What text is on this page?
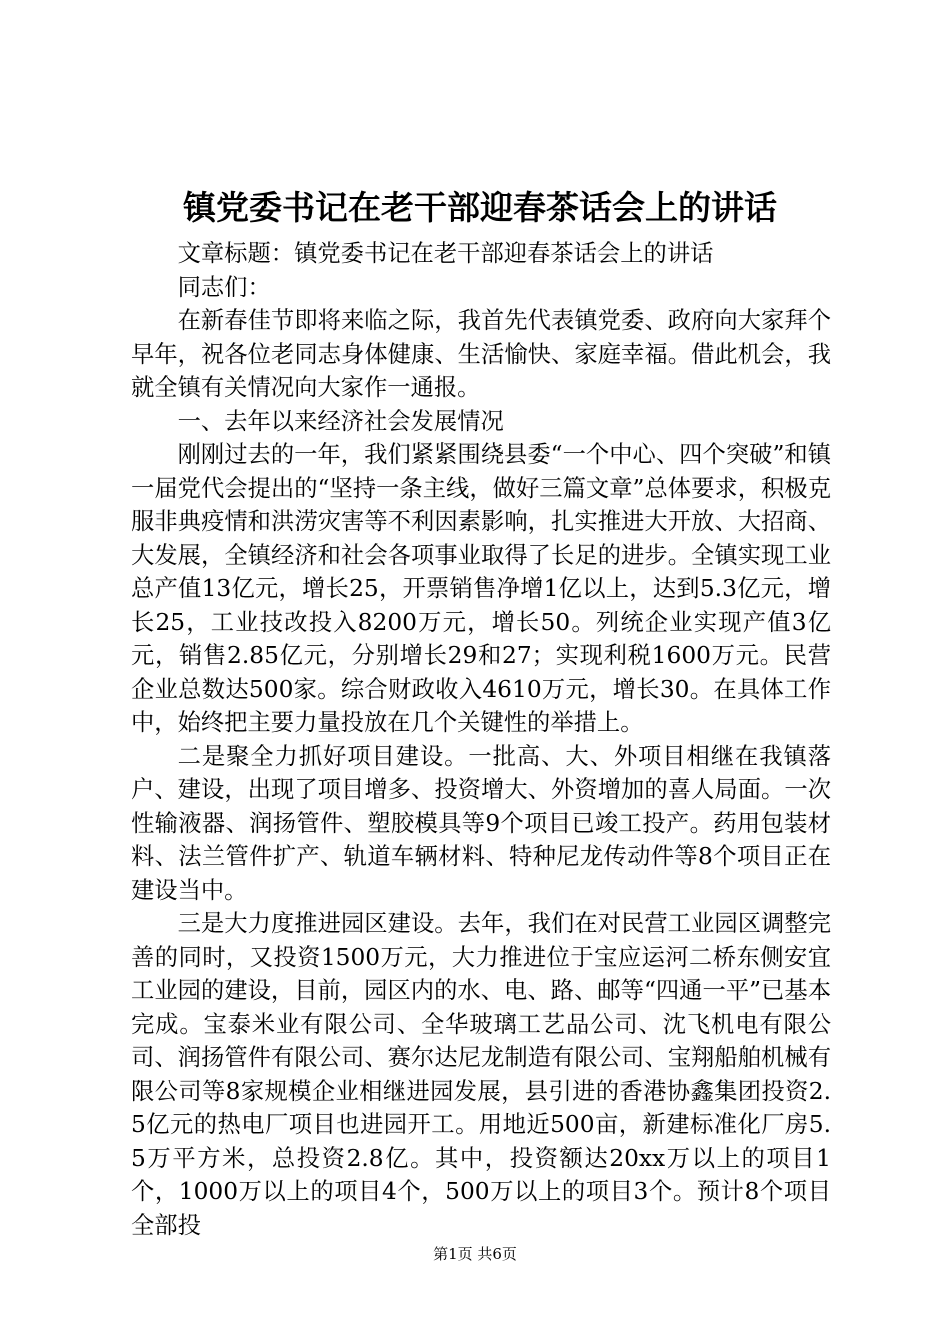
镇党委书记在老干部迎春茶话会上的讲话

文章标题：镇党委书记在老干部迎春茶话会上的讲话

同志们：

在新春佳节即将来临之际，我首先代表镇党委、政府向大家拜个早年，祝各位老同志身体健康、生活愉快、家庭幸福。借此机会，我就全镇有关情况向大家作一通报。

一、去年以来经济社会发展情况

刚刚过去的一年，我们紧紧围绕县委“一个中心、四个突破”和镇一届党代会提出的“坚持一条主线，做好三篇文章”总体要求，积极克服非典疫情和洪涝灾害等不利因素影响，扎实推进大开放、大招商、大发展，全镇经济和社会各项事业取得了长足的进步。全镇实现工业总产值13亿元，增长25，开票销售净增1亿以上，达到5.3亿元，增长25，工业技改投入8200万元，增长50。列统企业实现产值3亿元，销售2.85亿元，分别增长29和27；实现利税1600万元。民营企业总数达500家。综合财政收入4610万元，增长30。在具体工作中，始终把主要力量投放在几个关键性的举措上。

二是聚全力抓好项目建设。一批高、大、外项目相继在我镇落户、建设，出现了项目增多、投资增大、外资增加的喜人局面。一次性输液器、润扬管件、塑胶模具等9个项目已竣工投产。药用包装材料、法兰管件扩产、轨道车辆材料、特种尼龙传动件等8个项目正在建设当中。

三是大力度推进园区建设。去年，我们在对民营工业园区调整完善的同时，又投资1500万元，大力推进位于宝应运河二桥东侧安宜工业园的建设，目前，园区内的水、电、路、邮等“四通一平”已基本完成。宝泰米业有限公司、全华玻璃工艺品公司、沈飞机电有限公司、润扬管件有限公司、赛尔达尼龙制造有限公司、宝翔船舶机械有限公司等8家规模企业相继进园发展，县引进的香港协鑫集团投资2.5亿元的热电厂项目也进园开工。用地近500亩，新建标准化厂房5.5万平方米，总投资2.8亿。其中，投资额达20xx万以上的项目1个，1000万以上的项目4个，500万以上的项目3个。预计8个项目全部投

第1页 共6页
